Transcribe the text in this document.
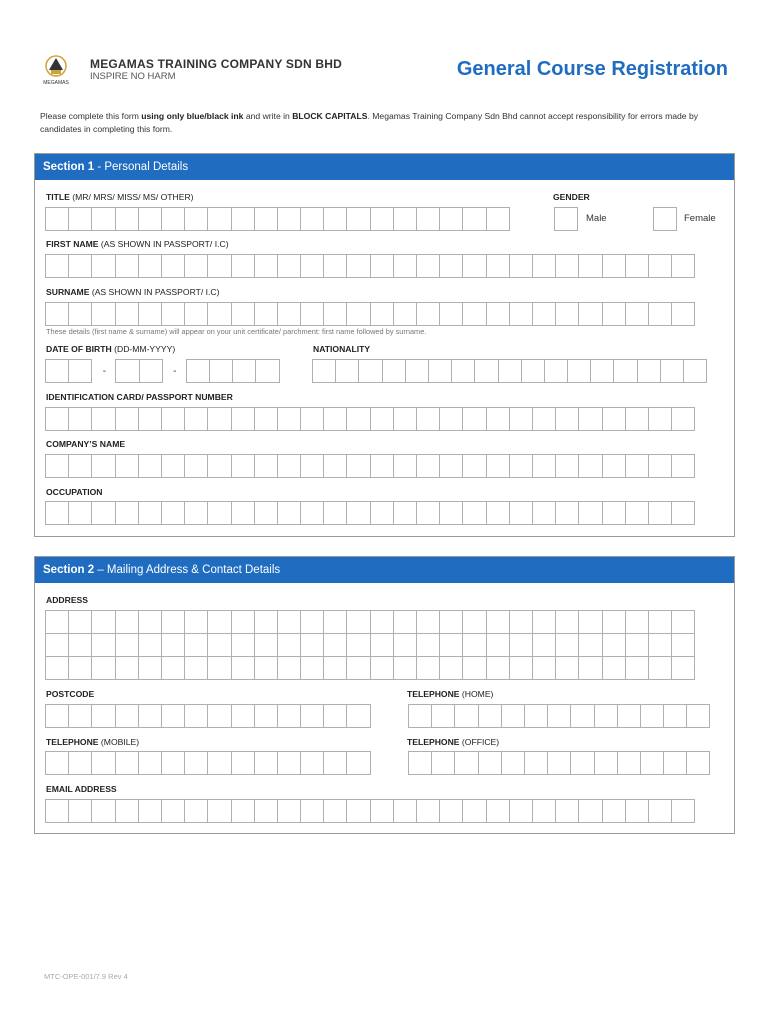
MEGAMAS
MEGAMAS TRAINING COMPANY SDN BHD
INSPIRE NO HARM	General Course Registration
Please complete this form using only blue/black ink and write in BLOCK CAPITALS. Megamas Training Company Sdn Bhd cannot accept responsibility for errors made by candidates in completing this form.
Section 1 - Personal Details
TITLE (MR/ MRS/ MISS/ MS/ OTHER)	GENDER
Male	Female
FIRST NAME (AS SHOWN IN PASSPORT/ I.C)
SURNAME (AS SHOWN IN PASSPORT/ I.C)
These details (first name & surname) will appear on your unit certificate/ parchment: first name followed by surname.
DATE OF BIRTH (DD-MM-YYYY)
-	-
NATIONALITY
IDENTIFICATION CARD/ PASSPORT NUMBER
COMPANY’S NAME
OCCUPATION
Section 2 – Mailing Address & Contact Details
ADDRESS
POSTCODE	TELEPHONE (HOME)
TELEPHONE (MOBILE)	TELEPHONE (OFFICE)
EMAIL ADDRESS
MTC-OPE-001/7.9 Rev 4
